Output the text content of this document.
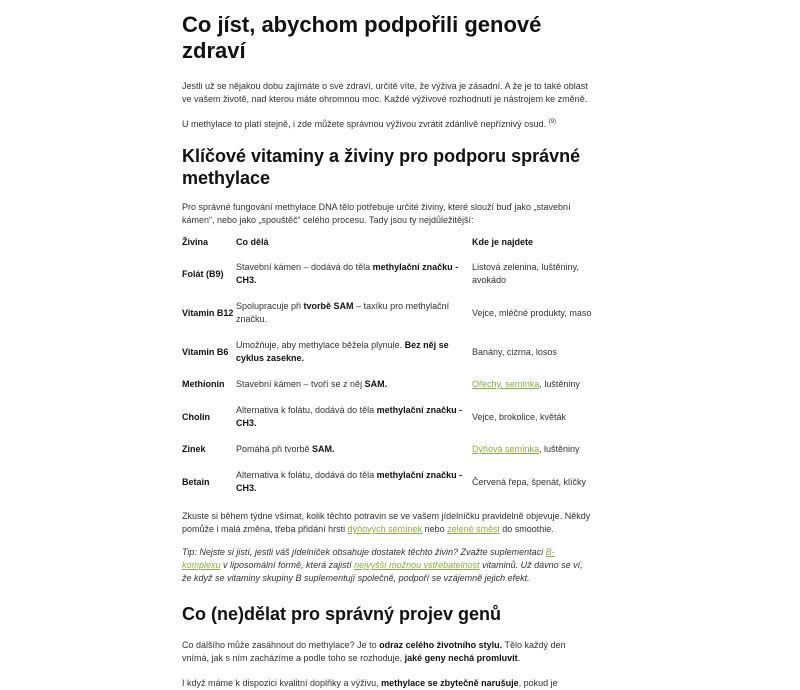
Co jíst, abychom podpořili genové zdraví

Jestli už se nějakou dobu zajímáte o své zdraví, určitě víte, že výživa je zásadní. A že je to také oblast ve vašem životě, nad kterou máte ohromnou moc. Každé výživové rozhodnutí je nástrojem ke změně.

U methylace to platí stejně, i zde můžete správnou výživou zvrátit zdánlivě nepříznivý osud. $^{(9)}$

Klíčové vitaminy a živiny pro podporu správné methylace

Pro správné fungování methylace DNA tělo potřebuje určité živiny, které slouží buď jako „stavební kámen“, nebo jako „spouštěč“ celého procesu. Tady jsou ty nejdůležitější:

Živina	Co dělá	Kde je najdete
Folát (B9)	Stavební kámen – dodává do těla methylační značku -CH3.	Listová zelenina, luštěniny, avokádo
Vitamin B12	Spolupracuje při tvorbě SAM – taxíku pro methylační značku.	Vejce, mléčné produkty, maso
Vitamin B6	Umožňuje, aby methylace běžela plynule. Bez něj se cyklus zasekne.	Banány, cizrna, losos
Methionin	Stavební kámen – tvoří se z něj SAM.	Ořechy, semínka, luštěniny
Cholin	Alternativa k folátu, dodává do těla methylační značku -CH3.	Vejce, brokolice, květák
Zinek	Pomáhá při tvorbě SAM.	Dýňová semínka, luštěniny
Betain	Alternativa k folátu, dodává do těla methylační značku -CH3.	Červená řepa, špenát, klíčky

Zkuste si během týdne všímat, kolik těchto potravin se ve vašem jídelníčku pravidelně objevuje. Někdy pomůže i malá změna, třeba přidání hrsti dýňových semínek nebo zelené směsi do smoothie.

Tip: Nejste si jistí, jestli váš jídelníček obsahuje dostatek těchto živin? Zvažte suplementaci B-komplexu v liposomální formě, která zajistí nejvyšší možnou vstřebatelnost vitaminů. Už dávno se ví, že když se vitaminy skupiny B suplementují společně, podpoří se vzájemně jejich efekt.

Co (ne)dělat pro správný projev genů

Co dalšího může zasáhnout do methylace? Je to odraz celého životního stylu. Tělo každý den vnímá, jak s ním zacházíme a podle toho se rozhoduje, jaké geny nechá promluvit.

I když máme k dispozici kvalitní doplňky a výživu, methylace se zbytečně narušuje, pokud je
